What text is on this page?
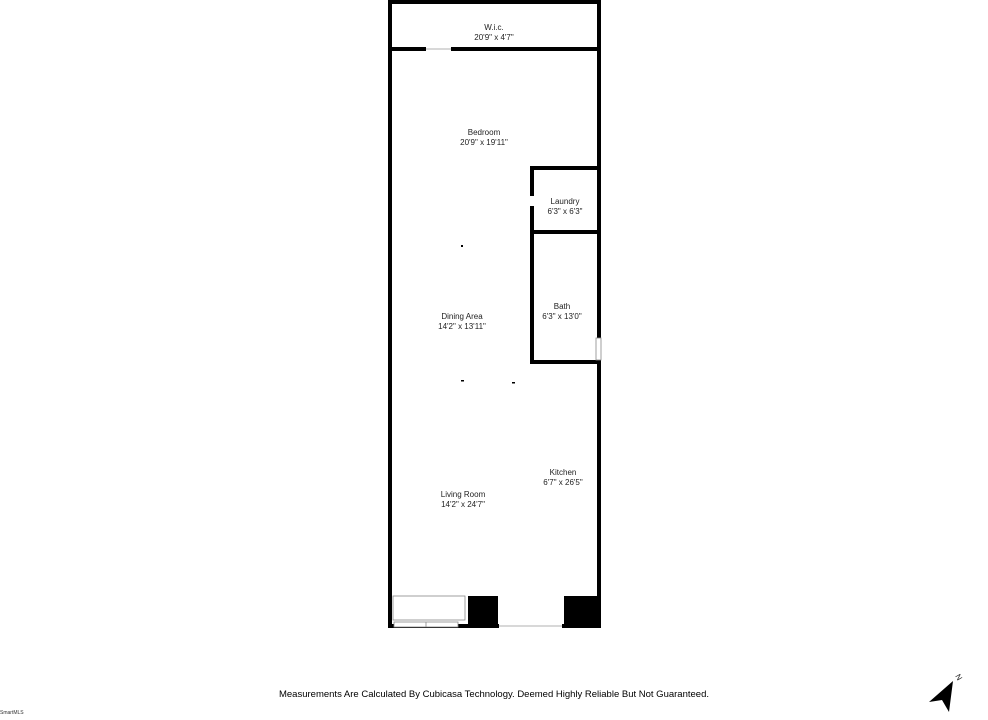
W.i.c.
20'9" x 4'7"
Bedroom
20'9" x 19'11"
Laundry
6'3" x 6'3"
Bath
6'3" x 13'0"
Dining Area
14'2" x 13'11"
Kitchen
6'7" x 26'5"
Living Room
14'2" x 24'7"
N
Measurements Are Calculated By Cubicasa Technology. Deemed Highly Reliable But Not Guaranteed.
SmartMLS
